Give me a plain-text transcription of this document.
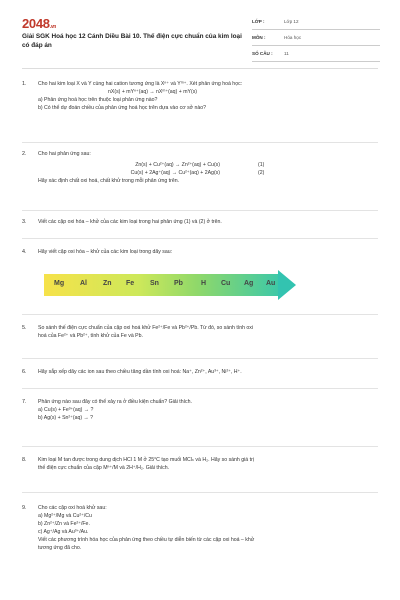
2048.vn
Giải SGK Hoá học 12 Cánh Diều Bài 10. Thế điện cực chuẩn của kim loại có đáp án
LỚP :	Lớp 12
MÔN :	Hóa học
SỐ CÂU :	11
1.	Cho hai kim loại X và Y cùng hai cation tương ứng là Xⁿ⁺ và Yᵐ⁺. Xét phản ứng hoá học:
nX(s) + mYⁿ⁺(aq) → nXᵐ⁺(aq) + mY(s)
a) Phản ứng hoá học trên thuộc loại phản ứng nào?
b) Có thể dự đoán chiều của phản ứng hoá học trên dựa vào cơ sở nào?
2.	Cho hai phản ứng sau:
Zn(s) + Cu²⁺(aq) → Zn²⁺(aq) + Cu(s)	(1)
Cu(s) + 2Ag⁺(aq) → Cu²⁺(aq) + 2Ag(s)	(2)
Hãy xác định chất oxi hoá, chất khử trong mỗi phản ứng trên.
3.	Viết các cặp oxi hóa – khử của các kim loại trong hai phản ứng (1) và (2) ở trên.
4.	Hãy viết cặp oxi hóa – khử của các kim loại trong dãy sau:
Mg Al Zn Fe Sn Pb	H Cu Ag Au
5.	So sánh thế điện cực chuẩn của cặp oxi hoá khử Fe²⁺/Fe và Pb²⁺/Pb. Từ đó, so sánh tính oxi
hoá của Fe²⁺ và Pb²⁺, tính khử của Fe và Pb.
6.	Hãy sắp xếp dãy các ion sau theo chiều tăng dần tính oxi hoá: Na⁺, Zn²⁺, Au³⁺, Ni²⁺, H⁺.
7.	Phản ứng nào sau đây có thể xảy ra ở điều kiện chuẩn? Giải thích.
a) Cu(s) + Fe³⁺(aq) → ?
b) Ag(s) + Sn²⁺(aq) → ?
8.	Kim loại M tan được trong dung dịch HCl 1 M ở 25°C tạo muối MClₙ và H₂. Hãy so sánh giá trị
thế điện cực chuẩn của cặp Mⁿ⁺/M và 2H⁺/H₂. Giải thích.
9.	Cho các cặp oxi hoá khử sau:
a) Mg²⁺/Mg và Cu²⁺/Cu
b) Zn²⁺/Zn và Fe²⁺/Fe.
c) Ag⁺/Ag và Au³⁺/Au.
Viết các phương trình hóa học của phản ứng theo chiều tự diễn biến từ các cặp oxi hoá – khử
tương ứng đã cho.
